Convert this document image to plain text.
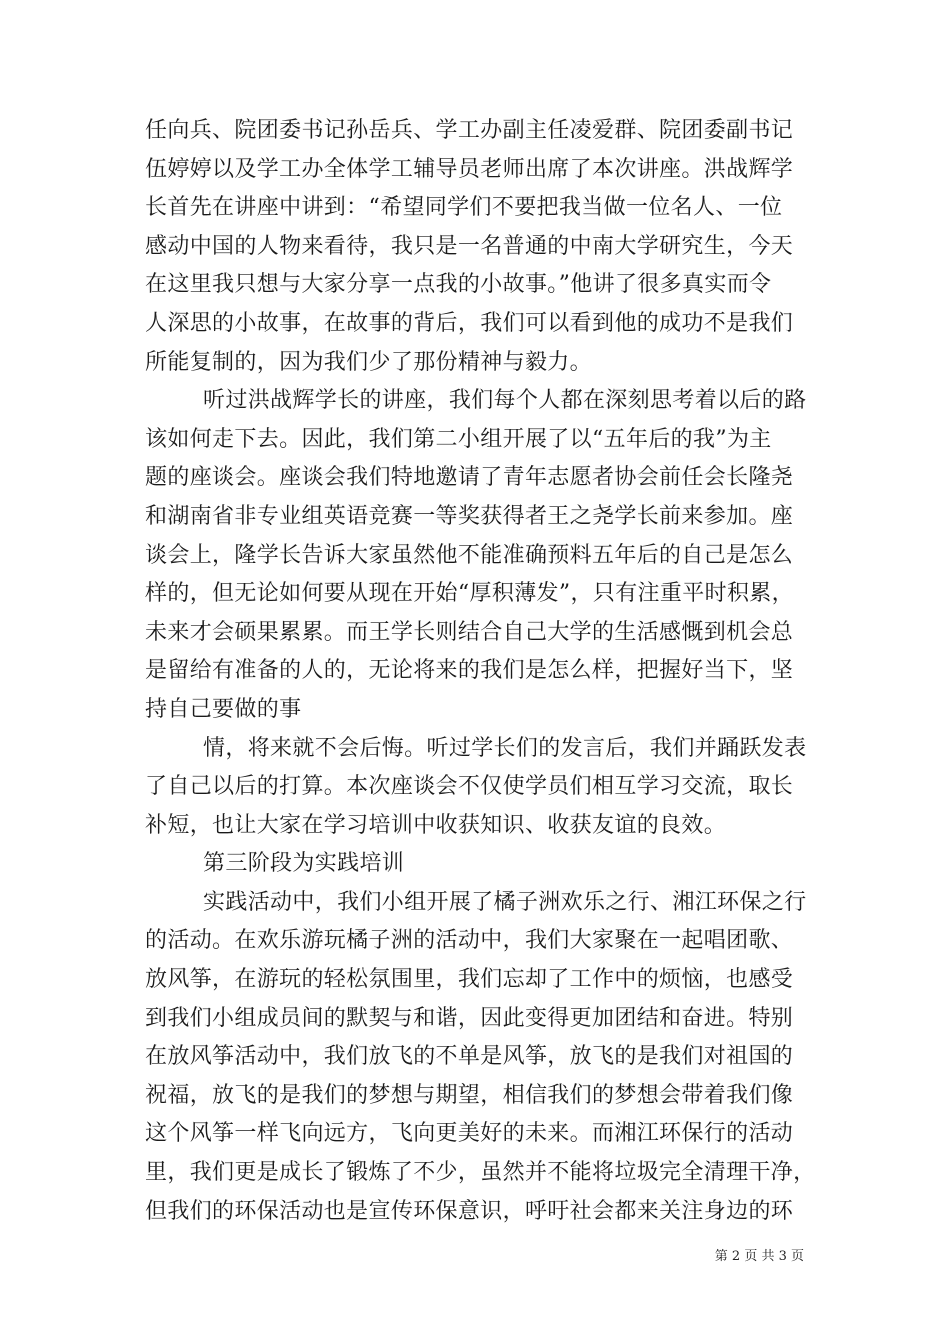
任向兵、院团委书记孙岳兵、学工办副主任凌爱群、院团委副书记
伍婷婷以及学工办全体学工辅导员老师出席了本次讲座。洪战辉学
长首先在讲座中讲到：“希望同学们不要把我当做一位名人、一位
感动中国的人物来看待，我只是一名普通的中南大学研究生，今天
在这里我只想与大家分享一点我的小故事。”他讲了很多真实而令
人深思的小故事，在故事的背后，我们可以看到他的成功不是我们
所能复制的，因为我们少了那份精神与毅力。
听过洪战辉学长的讲座，我们每个人都在深刻思考着以后的路
该如何走下去。因此，我们第二小组开展了以“五年后的我”为主
题的座谈会。座谈会我们特地邀请了青年志愿者协会前任会长隆尧
和湖南省非专业组英语竞赛一等奖获得者王之尧学长前来参加。座
谈会上，隆学长告诉大家虽然他不能准确预料五年后的自己是怎么
样的，但无论如何要从现在开始“厚积薄发”，只有注重平时积累，
未来才会硕果累累。而王学长则结合自己大学的生活感慨到机会总
是留给有准备的人的，无论将来的我们是怎么样，把握好当下，坚
持自己要做的事
情，将来就不会后悔。听过学长们的发言后，我们并踊跃发表
了自己以后的打算。本次座谈会不仅使学员们相互学习交流，取长
补短，也让大家在学习培训中收获知识、收获友谊的良效。
第三阶段为实践培训
实践活动中，我们小组开展了橘子洲欢乐之行、湘江环保之行
的活动。在欢乐游玩橘子洲的活动中，我们大家聚在一起唱团歌、
放风筝，在游玩的轻松氛围里，我们忘却了工作中的烦恼，也感受
到我们小组成员间的默契与和谐，因此变得更加团结和奋进。特别
在放风筝活动中，我们放飞的不单是风筝，放飞的是我们对祖国的
祝福，放飞的是我们的梦想与期望，相信我们的梦想会带着我们像
这个风筝一样飞向远方，飞向更美好的未来。而湘江环保行的活动
里，我们更是成长了锻炼了不少，虽然并不能将垃圾完全清理干净，
但我们的环保活动也是宣传环保意识，呼吁社会都来关注身边的环
第 2 页 共 3 页
